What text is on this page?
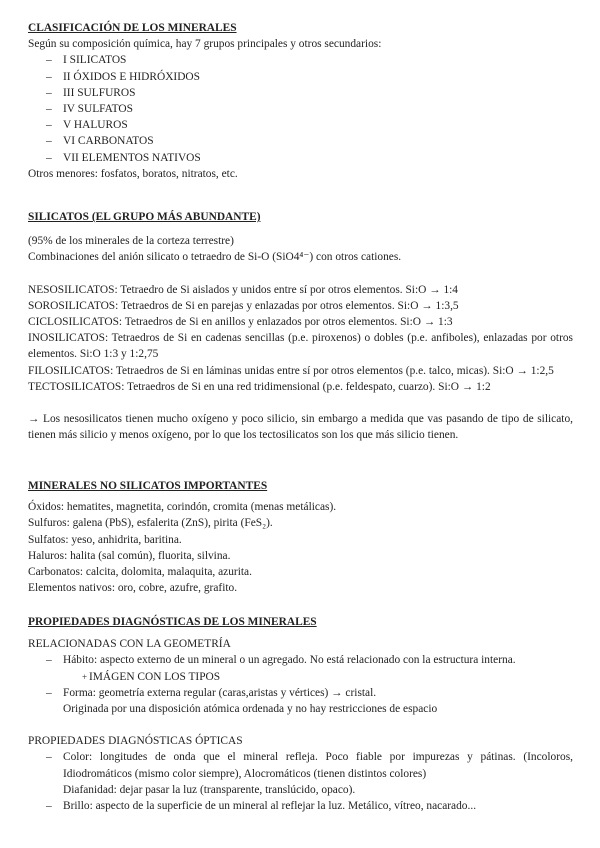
CLASIFICACIÓN DE LOS MINERALES

Según su composición química, hay 7 grupos principales y otros secundarios:

– I SILICATOS
– II ÓXIDOS E HIDRÓXIDOS
– III SULFUROS
– IV SULFATOS
– V HALUROS
– VI CARBONATOS
– VII ELEMENTOS NATIVOS

Otros menores: fosfatos, boratos, nitratos, etc.

SILICATOS (EL GRUPO MÁS ABUNDANTE)

(95% de los minerales de la corteza terrestre)

Combinaciones del anión silicato o tetraedro de Si-O (SiO4⁴⁻) con otros cationes.

NESOSILICATOS: Tetraedro de Si aislados y unidos entre sí por otros elementos. Si:O → 1:4

SOROSILICATOS: Tetraedros de Si en parejas y enlazadas por otros elementos. Si:O → 1:3,5

CICLOSILICATOS: Tetraedros de Si en anillos y enlazados por otros elementos. Si:O → 1:3

INOSILICATOS: Tetraedros de Si en cadenas sencillas (p.e. piroxenos) o dobles (p.e. anfiboles), enlazadas por otros elementos. Si:O 1:3 y 1:2,75

FILOSILICATOS: Tetraedros de Si en láminas unidas entre sí por otros elementos (p.e. talco, micas). Si:O → 1:2,5

TECTOSILICATOS: Tetraedros de Si en una red tridimensional (p.e. feldespato, cuarzo). Si:O → 1:2

→ Los nesosilicatos tienen mucho oxígeno y poco silicio, sin embargo a medida que vas pasando de tipo de silicato, tienen más silicio y menos oxígeno, por lo que los tectosilicatos son los que más silicio tienen.

MINERALES NO SILICATOS IMPORTANTES

Óxidos: hematites, magnetita, corindón, cromita (menas metálicas).

Sulfuros: galena (PbS), esfalerita (ZnS), pirita (FeS₂).

Sulfatos: yeso, anhidrita, baritina.

Haluros: halita (sal común), fluorita, silvina.

Carbonatos: calcita, dolomita, malaquita, azurita.

Elementos nativos: oro, cobre, azufre, grafito.

PROPIEDADES DIAGNÓSTICAS DE LOS MINERALES

RELACIONADAS CON LA GEOMETRÍA

– Hábito: aspecto externo de un mineral o un agregado. No está relacionado con la estructura interna.

+ IMÁGEN CON LOS TIPOS

– Forma: geometría externa regular (caras,aristas y vértices) → cristal.

Originada por una disposición atómica ordenada y no hay restricciones de espacio

PROPIEDADES DIAGNÓSTICAS ÓPTICAS

– Color: longitudes de onda que el mineral refleja. Poco fiable por impurezas y pátinas. (Incoloros, Idiodromáticos (mismo color siempre), Alocromáticos (tienen distintos colores)

Diafanidad: dejar pasar la luz (transparente, translúcido, opaco).

– Brillo: aspecto de la superficie de un mineral al reflejar la luz. Metálico, vítreo, nacarado...
